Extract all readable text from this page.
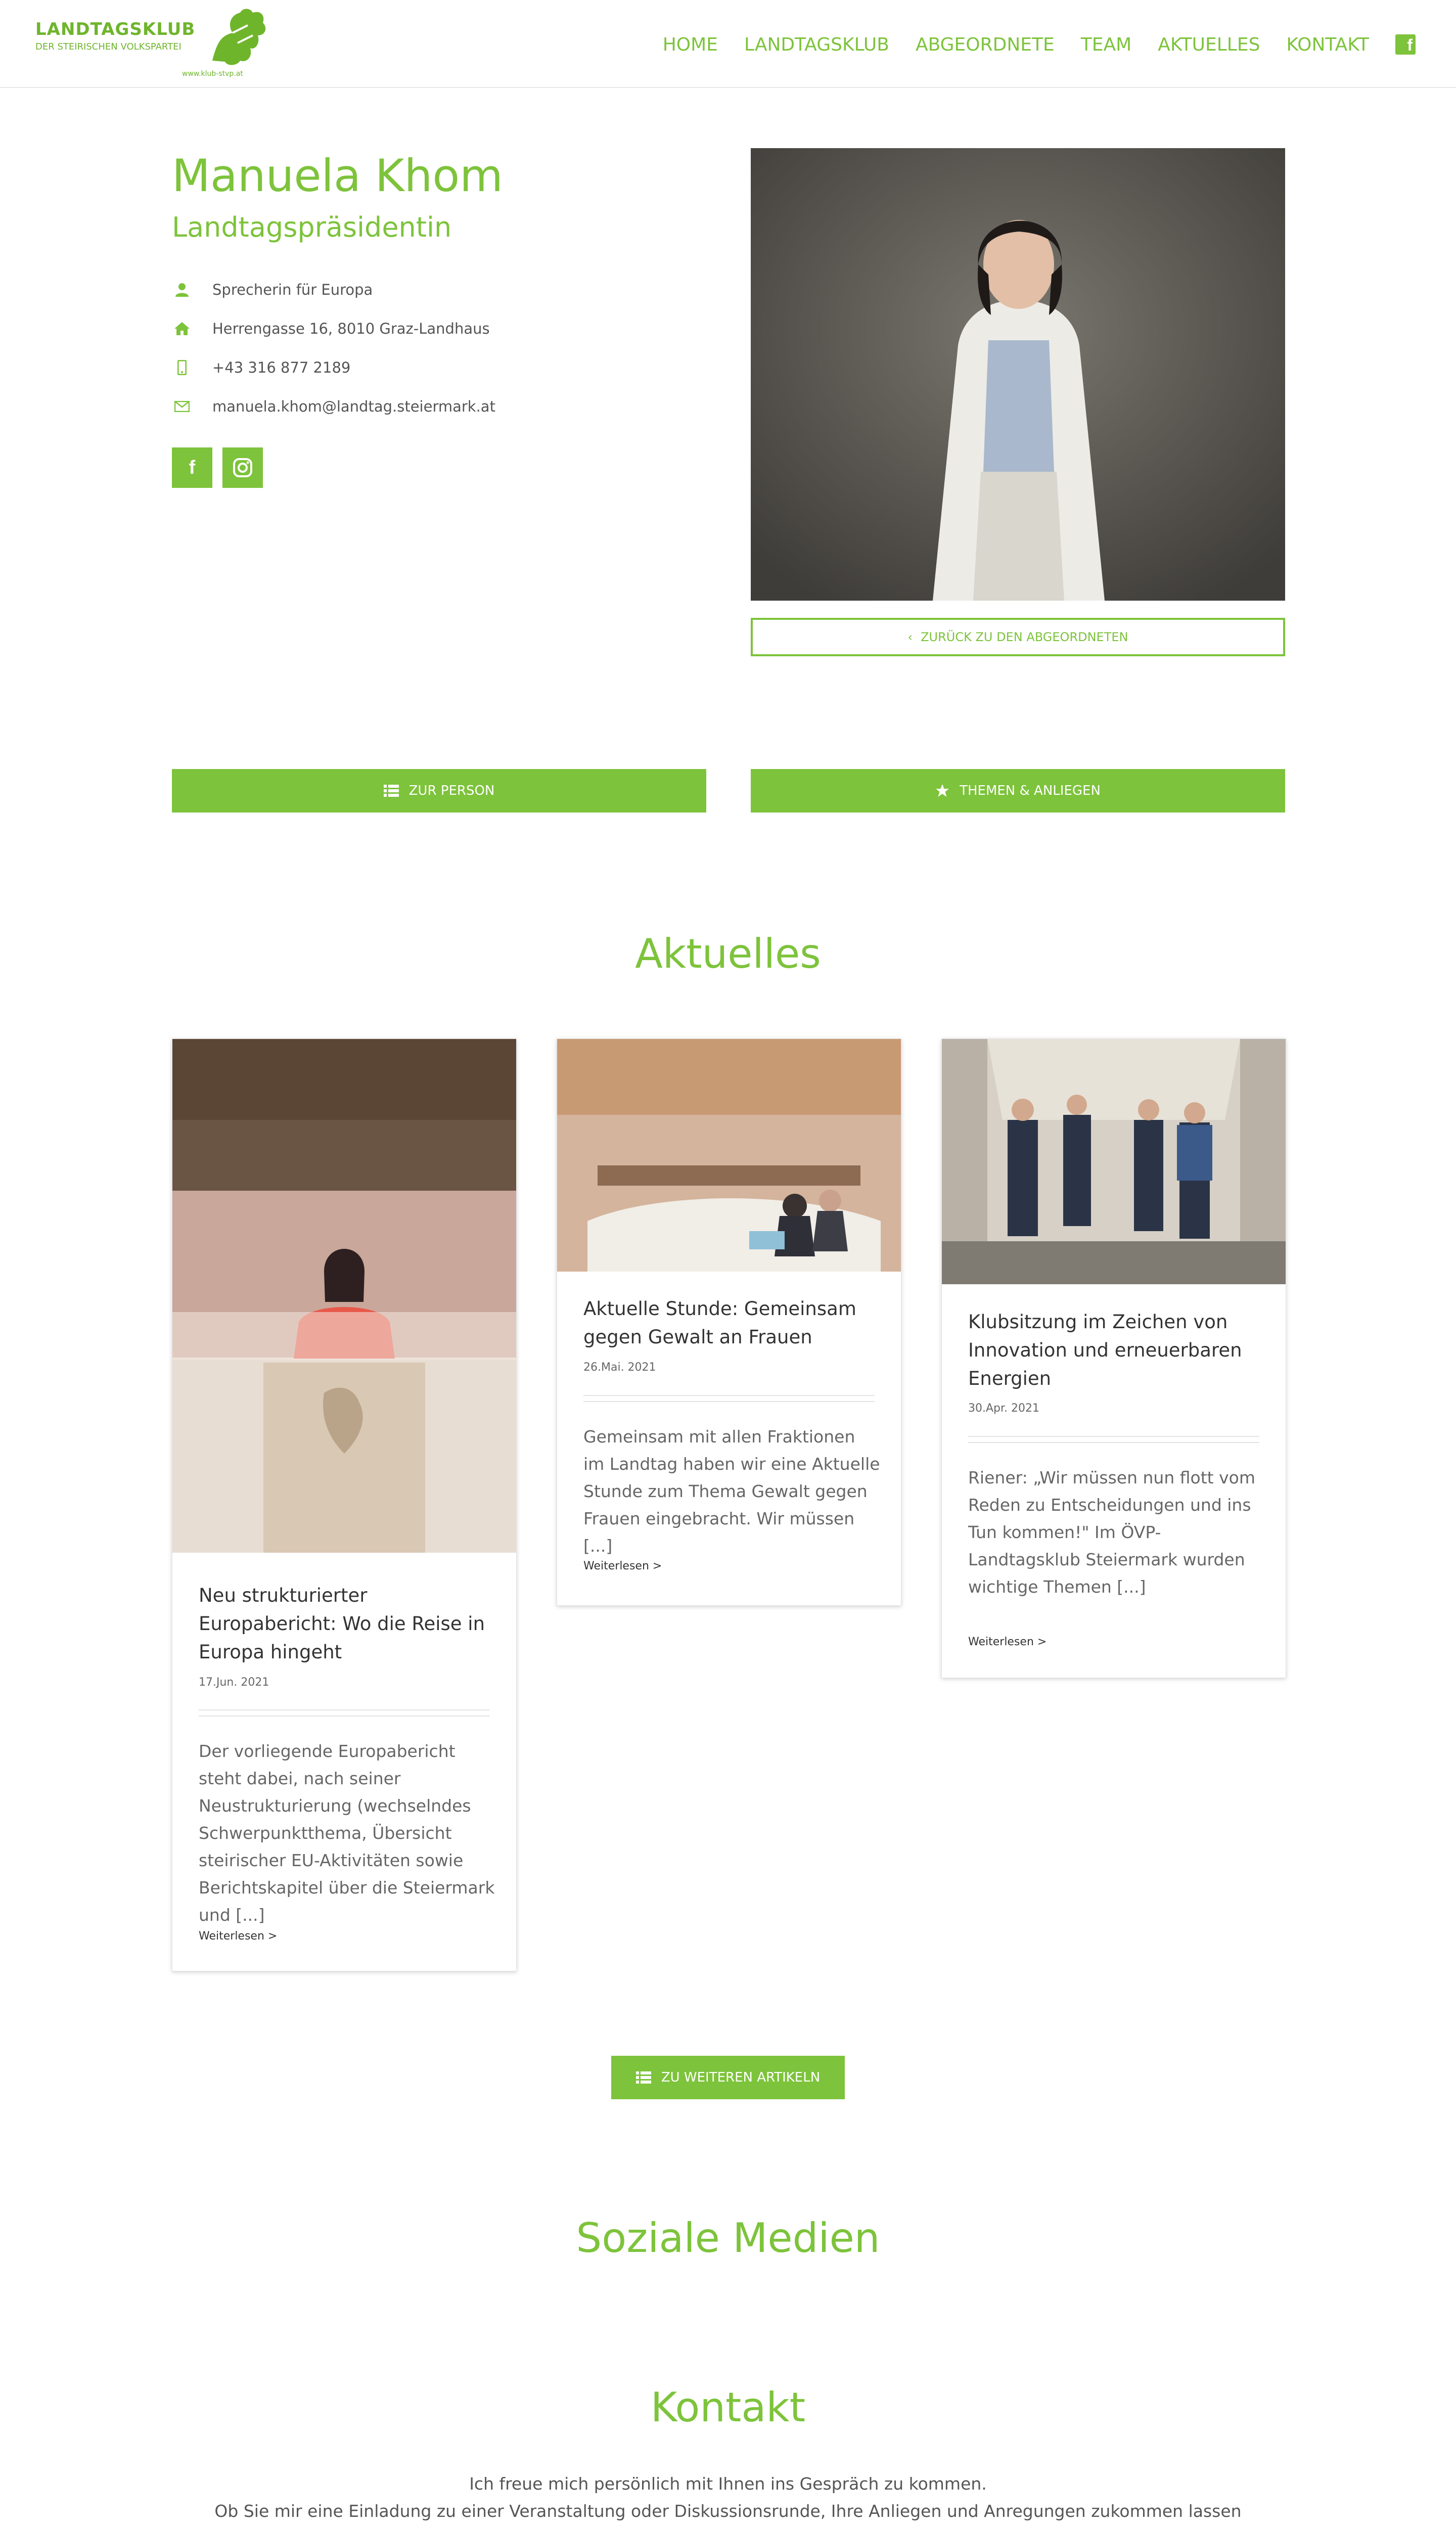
LANDTAGSKLUB
DER STEIRISCHEN VOLKSPARTEI
www.klub-stvp.at
HOME LANDTAGSKLUB ABGEORDNETE TEAM AKTUELLES KONTAKT	f
Manuela Khom
Landtagspräsidentin
Sprecherin für Europa
Herrengasse 16, 8010 Graz-Landhaus
+43 316 877 2189
manuela.khom@landtag.steiermark.at
f
‹ ZURÜCK ZU DEN ABGEORDNETEN
ZUR PERSON	THEMEN & ANLIEGEN
Aktuelles
Neu strukturierter Europabericht: Wo die Reise in Europa hingeht
17.Jun. 2021
Der vorliegende Europabericht steht dabei, nach seiner Neustrukturierung (wechselndes Schwerpunktthema, Übersicht steirischer EU-Aktivitäten sowie Berichtskapitel über die Steiermark und [...]
Weiterlesen >
Aktuelle Stunde: Gemeinsam gegen Gewalt an Frauen
26.Mai. 2021
Gemeinsam mit allen Fraktionen im Landtag haben wir eine Aktuelle Stunde zum Thema Gewalt gegen Frauen eingebracht. Wir müssen [...]
Weiterlesen >
Klubsitzung im Zeichen von Innovation und erneuerbaren Energien
30.Apr. 2021
Riener: „Wir müssen nun flott vom Reden zu Entscheidungen und ins Tun kommen!" Im ÖVP-Landtagsklub Steiermark wurden wichtige Themen [...]
Weiterlesen >
ZU WEITEREN ARTIKELN
Soziale Medien
Kontakt
Ich freue mich persönlich mit Ihnen ins Gespräch zu kommen.
Ob Sie mir eine Einladung zu einer Veranstaltung oder Diskussionsrunde, Ihre Anliegen und Anregungen zukommen lassen
